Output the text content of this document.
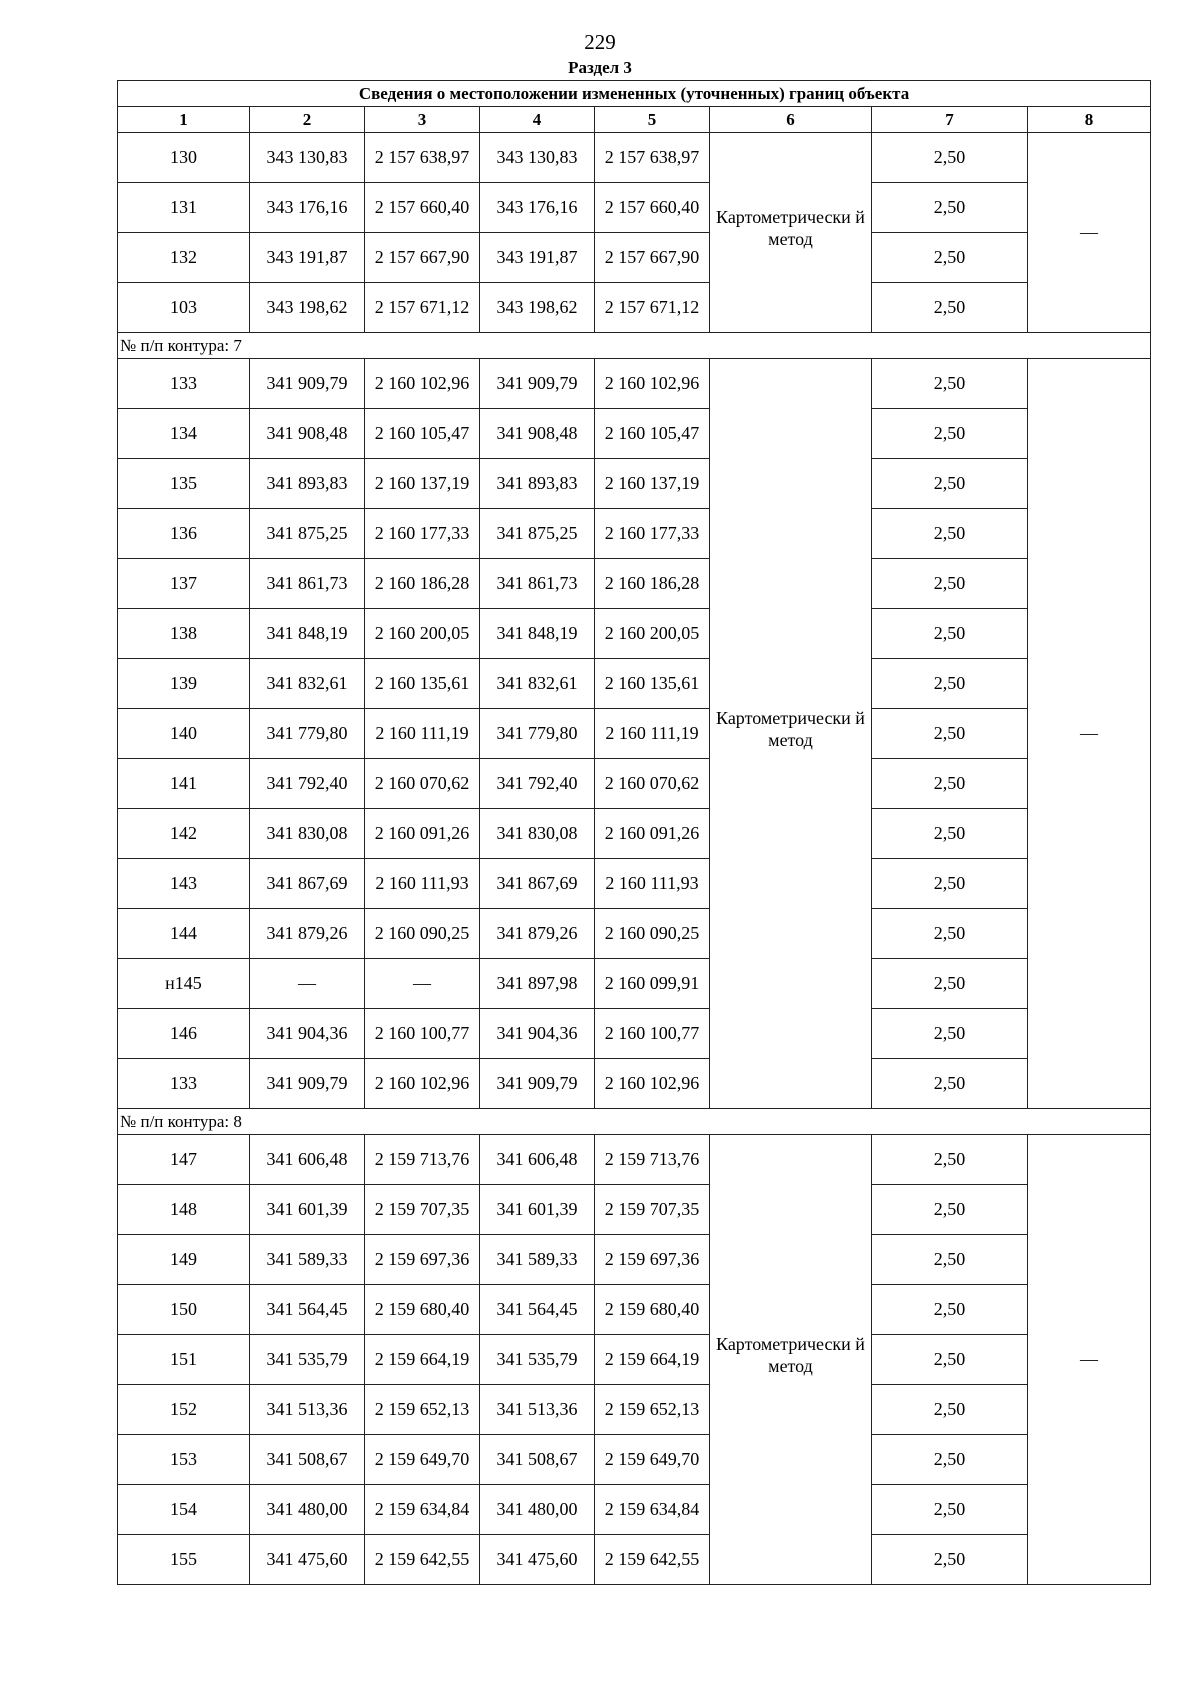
229
Раздел 3
Сведения о местоположении измененных (уточненных) границ объекта							
1	2	3	4	5	6	7	8
130	343 130,83	2 157 638,97	343 130,83	2 157 638,97	Картометрически й метод	2,50	—
131	343 176,16	2 157 660,40	343 176,16	2 157 660,40		2,50	
132	343 191,87	2 157 667,90	343 191,87	2 157 667,90		2,50	
103	343 198,62	2 157 671,12	343 198,62	2 157 671,12		2,50	
№ п/п контура: 7							
133	341 909,79	2 160 102,96	341 909,79	2 160 102,96	Картометрически й метод	2,50	—
134	341 908,48	2 160 105,47	341 908,48	2 160 105,47		2,50	
135	341 893,83	2 160 137,19	341 893,83	2 160 137,19		2,50	
136	341 875,25	2 160 177,33	341 875,25	2 160 177,33		2,50	
137	341 861,73	2 160 186,28	341 861,73	2 160 186,28		2,50	
138	341 848,19	2 160 200,05	341 848,19	2 160 200,05		2,50	
139	341 832,61	2 160 135,61	341 832,61	2 160 135,61		2,50	
140	341 779,80	2 160 111,19	341 779,80	2 160 111,19		2,50	
141	341 792,40	2 160 070,62	341 792,40	2 160 070,62		2,50	
142	341 830,08	2 160 091,26	341 830,08	2 160 091,26		2,50	
143	341 867,69	2 160 111,93	341 867,69	2 160 111,93		2,50	
144	341 879,26	2 160 090,25	341 879,26	2 160 090,25		2,50	
н145	—	—	341 897,98	2 160 099,91		2,50	
146	341 904,36	2 160 100,77	341 904,36	2 160 100,77		2,50	
133	341 909,79	2 160 102,96	341 909,79	2 160 102,96		2,50	
№ п/п контура: 8							
147	341 606,48	2 159 713,76	341 606,48	2 159 713,76	Картометрически й метод	2,50	—
148	341 601,39	2 159 707,35	341 601,39	2 159 707,35		2,50	
149	341 589,33	2 159 697,36	341 589,33	2 159 697,36		2,50	
150	341 564,45	2 159 680,40	341 564,45	2 159 680,40		2,50	
151	341 535,79	2 159 664,19	341 535,79	2 159 664,19		2,50	
152	341 513,36	2 159 652,13	341 513,36	2 159 652,13		2,50	
153	341 508,67	2 159 649,70	341 508,67	2 159 649,70		2,50	
154	341 480,00	2 159 634,84	341 480,00	2 159 634,84		2,50	
155	341 475,60	2 159 642,55	341 475,60	2 159 642,55		2,50	
